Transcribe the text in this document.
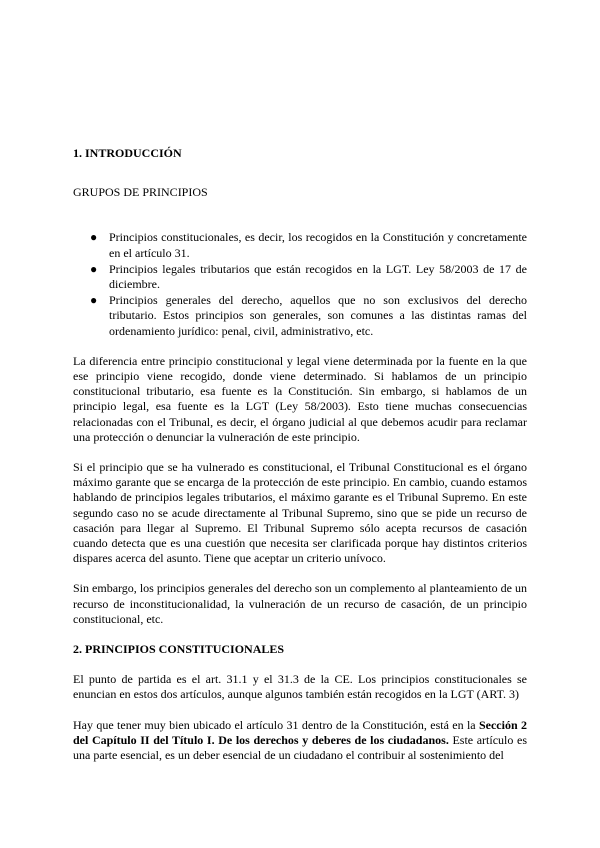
1. INTRODUCCIÓN
GRUPOS DE PRINCIPIOS
● Principios constitucionales, es decir, los recogidos en la Constitución y concretamente en el artículo 31.
● Principios legales tributarios que están recogidos en la LGT. Ley 58/2003 de 17 de diciembre.
● Principios generales del derecho, aquellos que no son exclusivos del derecho tributario. Estos principios son generales, son comunes a las distintas ramas del ordenamiento jurídico: penal, civil, administrativo, etc.

La diferencia entre principio constitucional y legal viene determinada por la fuente en la que ese principio viene recogido, donde viene determinado. Si hablamos de un principio constitucional tributario, esa fuente es la Constitución. Sin embargo, si hablamos de un principio legal, esa fuente es la LGT (Ley 58/2003). Esto tiene muchas consecuencias relacionadas con el Tribunal, es decir, el órgano judicial al que debemos acudir para reclamar una protección o denunciar la vulneración de este principio.

Si el principio que se ha vulnerado es constitucional, el Tribunal Constitucional es el órgano máximo garante que se encarga de la protección de este principio. En cambio, cuando estamos hablando de principios legales tributarios, el máximo garante es el Tribunal Supremo. En este segundo caso no se acude directamente al Tribunal Supremo, sino que se pide un recurso de casación para llegar al Supremo. El Tribunal Supremo sólo acepta recursos de casación cuando detecta que es una cuestión que necesita ser clarificada porque hay distintos criterios dispares acerca del asunto. Tiene que aceptar un criterio unívoco.

Sin embargo, los principios generales del derecho son un complemento al planteamiento de un recurso de inconstitucionalidad, la vulneración de un recurso de casación, de un principio constitucional, etc.

2. PRINCIPIOS CONSTITUCIONALES

El punto de partida es el art. 31.1 y el 31.3 de la CE. Los principios constitucionales se enuncian en estos dos artículos, aunque algunos también están recogidos en la LGT (ART. 3)

Hay que tener muy bien ubicado el artículo 31 dentro de la Constitución, está en la Sección 2 del Capítulo II del Título I. De los derechos y deberes de los ciudadanos. Este artículo es una parte esencial, es un deber esencial de un ciudadano el contribuir al sostenimiento del
